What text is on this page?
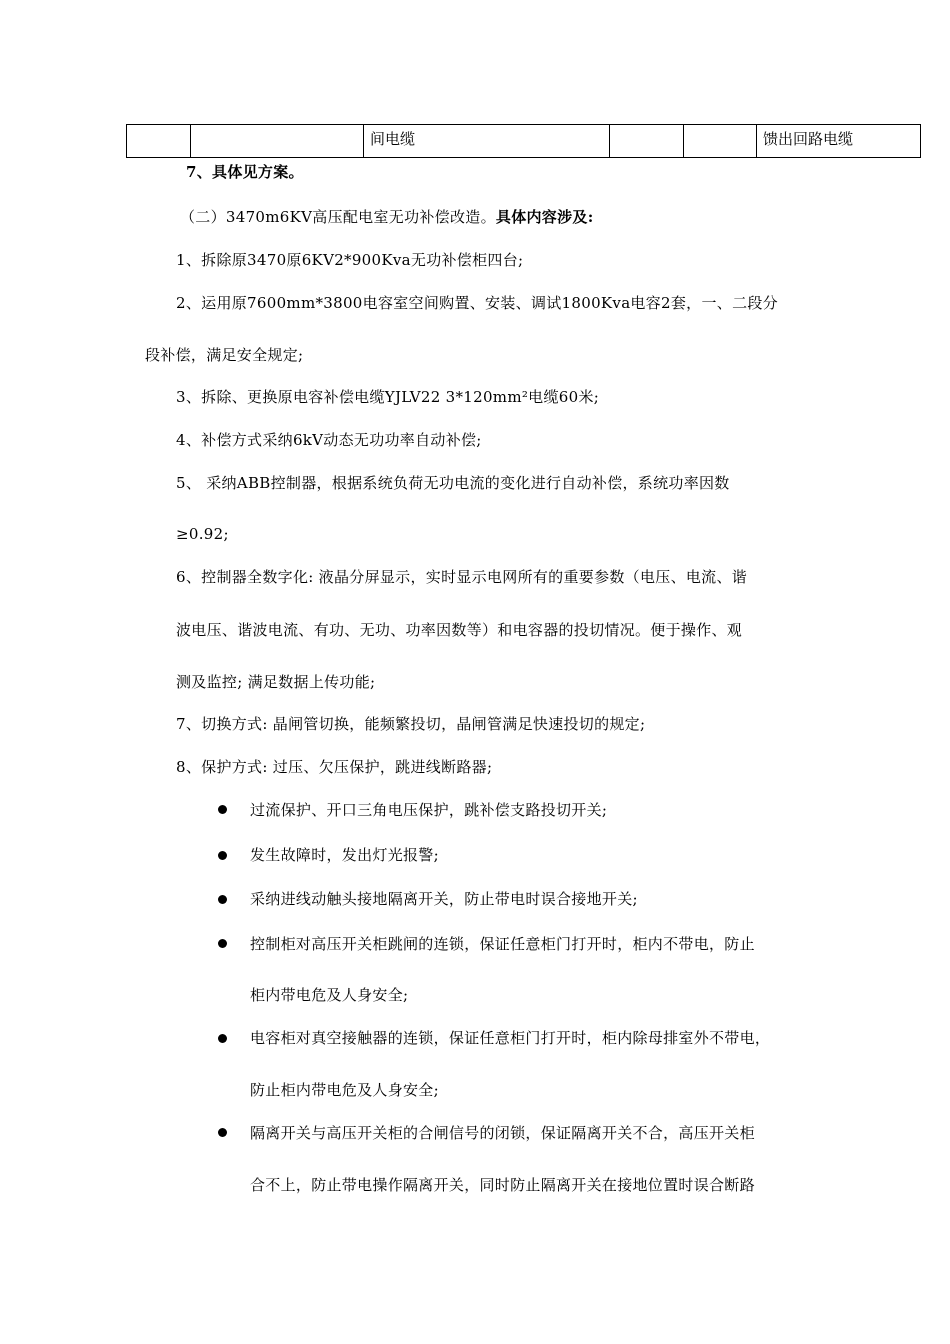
		间电缆			馈出回路电缆
7、具体见方案。
（二）3470m6KV高压配电室无功补偿改造。具体内容涉及:
1、拆除原3470原6KV2*900Kva无功补偿柜四台;
2、运用原7600mm*3800电容室空间购置、安装、调试1800Kva电容2套，一、二段分
段补偿，满足安全规定;
3、拆除、更换原电容补偿电缆YJLV22 3*120mm²电缆60米;
4、补偿方式采纳6kV动态无功功率自动补偿;
5、 采纳ABB控制器，根据系统负荷无功电流的变化进行自动补偿，系统功率因数
≥0.92;
6、控制器全数字化: 液晶分屏显示，实时显示电网所有的重要参数（电压、电流、谐
波电压、谐波电流、有功、无功、功率因数等）和电容器的投切情况。便于操作、观
测及监控; 满足数据上传功能;
7、切换方式: 晶闸管切换，能频繁投切，晶闸管满足快速投切的规定;
8、保护方式: 过压、欠压保护，跳进线断路器;
过流保护、开口三角电压保护，跳补偿支路投切开关;
发生故障时，发出灯光报警;
采纳进线动触头接地隔离开关，防止带电时误合接地开关;
控制柜对高压开关柜跳闸的连锁，保证任意柜门打开时，柜内不带电，防止
柜内带电危及人身安全;
电容柜对真空接触器的连锁，保证任意柜门打开时，柜内除母排室外不带电，
防止柜内带电危及人身安全;
隔离开关与高压开关柜的合闸信号的闭锁，保证隔离开关不合，高压开关柜
合不上，防止带电操作隔离开关，同时防止隔离开关在接地位置时误合断路
